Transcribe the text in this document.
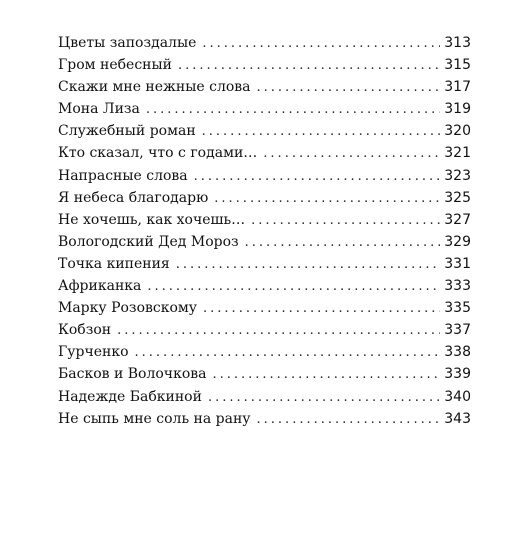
Цветы запоздалые .....	313
Гром небесный .....	315
Скажи мне нежные слова .....	317
Мона Лиза .....	319
Служебный роман .....	320
Кто сказал, что с годами… .....	321
Напрасные слова .....	323
Я небеса благодарю .....	325
Не хочешь, как хочешь… .....	327
Вологодский Дед Мороз .....	329
Точка кипения .....	331
Африканка .....	333
Марку Розовскому .....	335
Кобзон .....	337
Гурченко .....	338
Басков и Волочкова .....	339
Надежде Бабкиной .....	340
Не сыпь мне соль на рану .....	343
